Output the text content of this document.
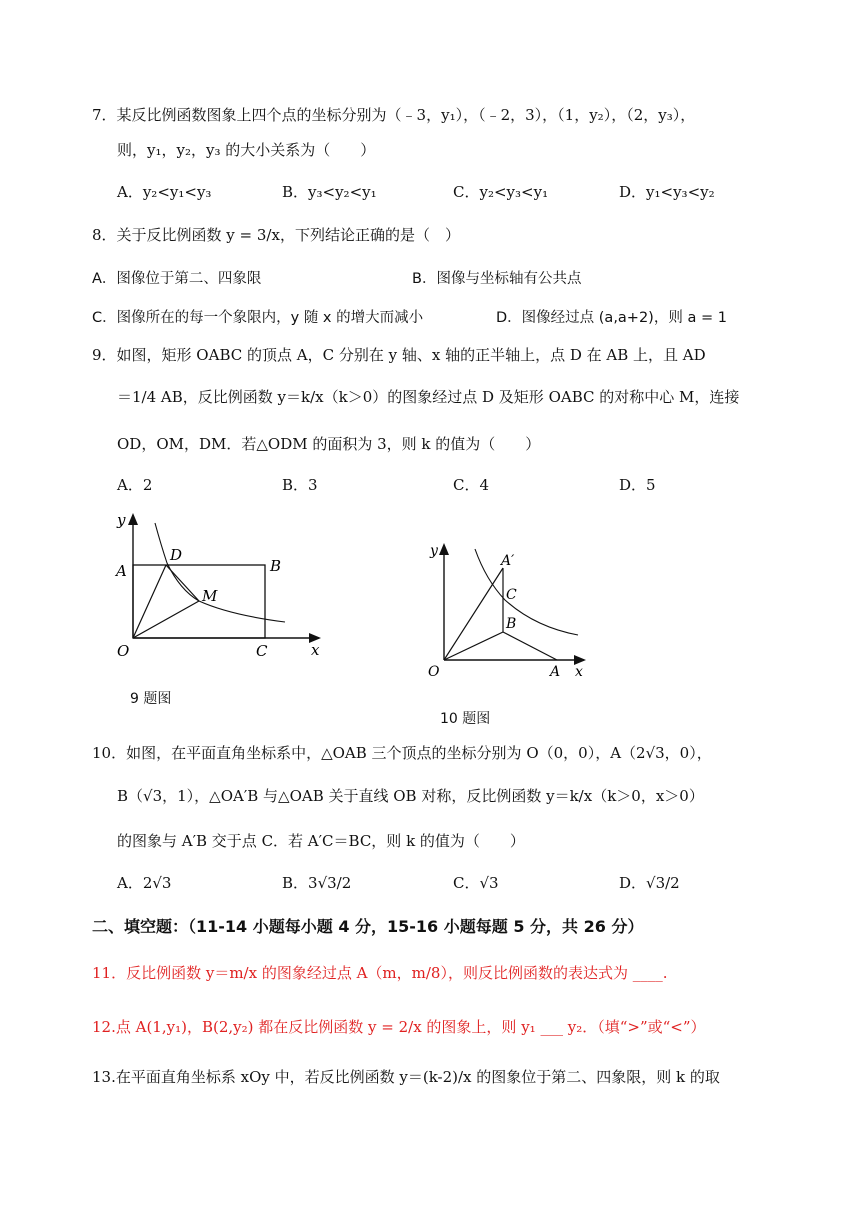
7．某反比例函数图象上四个点的坐标分别为（﹣3，y₁），（﹣2，3），（1，y₂），（2，y₃），
则，y₁，y₂，y₃ 的大小关系为（　　）
A．y₂<y₁<y₃	B．y₃<y₂<y₁	C．y₂<y₃<y₁	D．y₁<y₃<y₂
8．关于反比例函数 y = 3/x，下列结论正确的是（　）
A．图像位于第二、四象限	B．图像与坐标轴有公共点
C．图像所在的每一个象限内，y 随 x 的增大而减小	D．图像经过点 (a,a+2)，则 a = 1
9．如图，矩形 OABC 的顶点 A，C 分别在 y 轴、x 轴的正半轴上，点 D 在 AB 上，且 AD
＝1/4 AB，反比例函数 y＝k/x（k＞0）的图象经过点 D 及矩形 OABC 的对称中心 M，连接
OD，OM，DM．若△ODM 的面积为 3，则 k 的值为（　　）
A．2	B．3	C．4	D．5
y
x
O
A	B
C
D
M
9 题图
y
x
O	A
B
C
A′
10 题图
10．如图，在平面直角坐标系中，△OAB 三个顶点的坐标分别为 O（0，0），A（2√3，0），
B（√3，1），△OA′B 与△OAB 关于直线 OB 对称，反比例函数 y＝k/x（k＞0，x＞0）
的图象与 A′B 交于点 C．若 A′C＝BC，则 k 的值为（　　）
A．2√3	B．3√3/2	C．√3	D．√3/2
二、填空题：（11-14 小题每小题 4 分，15-16 小题每题 5 分，共 26 分）
11．反比例函数 y＝m/x 的图象经过点 A（m，m/8），则反比例函数的表达式为 ____.
12.点 A(1,y₁)，B(2,y₂) 都在反比例函数 y = 2/x 的图象上，则 y₁ ___ y₂．（填“>”或“<”）
13.在平面直角坐标系 xOy 中，若反比例函数 y＝(k-2)/x 的图象位于第二、四象限，则 k 的取
